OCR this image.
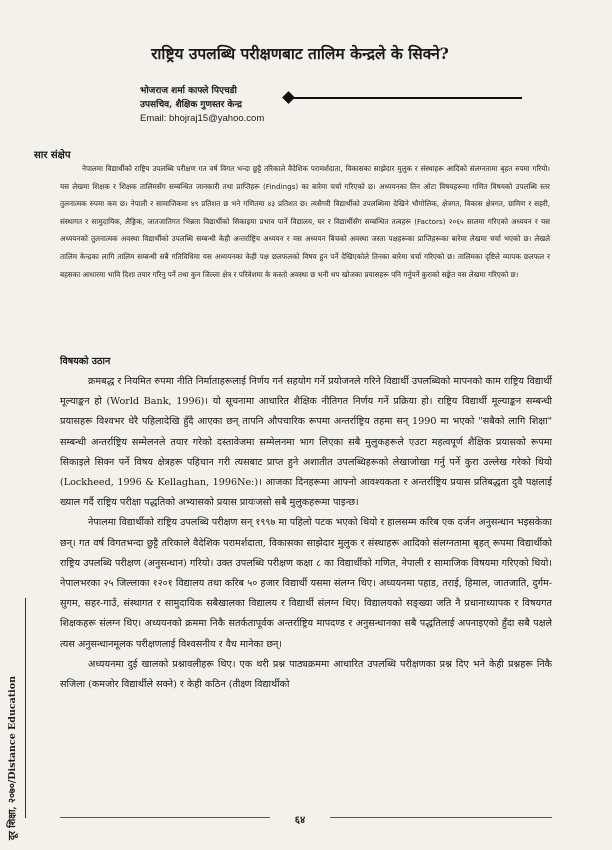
राष्ट्रिय उपलब्धि परीक्षणबाट तालिम केन्द्रले के सिक्ने?
भोजराज शर्मा काफ्ले पिएचडी
उपसचिव, शैक्षिक गुणस्तर केन्द्र
Email: bhojraj15@yahoo.com
सार संक्षेप

नेपालमा विद्यार्थीको राष्ट्रिय उपलब्धि परीक्षण गत वर्ष विगत भन्दा छुट्टै तरिकाले वैदेशिक परामर्शदाता, विकासका साझेदार मुलुक र संस्थाहरू आदिको संलग्नतामा बृहत रुपमा गरियो। यस लेखमा शिक्षक र शिक्षक तालिमसँग सम्बन्धित जानकारी तथा प्राप्तिहरू (Findings) का बारेमा चर्चा गरिएको छ। अध्ययनका तिन ओटा विषयहरूमा गणित विषयको उपलब्धि स्तर तुलनात्मक रुपमा कम छ। नेपाली र सामाजिकमा ४९ प्रतिशत छ भने गणितमा ४३ प्रतिशत छ। त्यसैगरी विद्यार्थीको उपलब्धिमा देखिने भौगोलिक, क्षेत्रगत, विकास क्षेत्रगत, ग्रामिण र सहरी, संस्थागत र सामुदायिक, लैङ्गिक, जातजातिगत भिन्नता विद्यार्थीको सिकाइमा प्रभाव पार्ने विद्यालय, घर र विद्यार्थीसँग सम्बन्धित तत्वहरू (Factors) २०६५ सालमा गरिएको अध्ययन र यस अध्ययनको तुलनात्मक अवस्था विद्यार्थीको उपलब्धि सम्बन्धी केही अन्तर्राष्ट्रिय अध्ययन र यस अध्ययन बिचको अवस्था जस्ता पक्षहरूका प्राप्तिहरूका बारेमा लेखमा चर्चा भएको छ। लेखले तालिम केन्द्रका लागि तालिम सम्बन्धी सबै गतिविधिमा यस अध्ययनका केही पक्ष छलफलको विषय हुन पर्ने देखिएकोले तिनका बारेमा चर्चा गरिएको छ। तालिमका दृष्टिले व्यापक छलफल र बहसका आधारमा भावि दिशा तयार गरिनु पर्ने तथा कुन जिल्ला क्षेत्र र परिवेशमा के कस्तो अवस्था छ भनी थप खोजका प्रयासहरू पनि गर्नुपर्ने कुराको सङ्केत यस लेखमा गरिएको छ।

विषयको उठान

क्रमबद्ध र नियमित रुपमा नीति निर्माताहरूलाई निर्णय गर्न सहयोग गर्ने प्रयोजनले गरिने विद्यार्थी उपलब्धिको मापनको काम राष्ट्रिय विद्यार्थी मूल्याङ्कन हो (World Bank, 1996)। यो सूचनामा आधारित शैक्षिक नीतिगत निर्णय गर्ने प्रक्रिया हो। राष्ट्रिय विद्यार्थी मूल्याङ्कन सम्बन्धी प्रयासहरू विश्वभर धेरै पहिलादेखि हुँदै आएका छन् तापनि औपचारिक रूपमा अन्तर्राष्ट्रिय तहमा सन् 1990 मा भएको "सबैको लागि शिक्षा" सम्बन्धी अन्तर्राष्ट्रिय सम्मेलनले तयार गरेको दस्तावेजमा सम्मेलनमा भाग लिएका सबै मुलुकहरूले एउटा महत्वपूर्ण शैक्षिक प्रयासको रूपमा सिकाइले सिक्न पर्ने विषय क्षेत्रहरू पहिचान गरी त्यसबाट प्राप्त हुने अशातीत उपलब्धिहरूको लेखाजोखा गर्नु पर्ने कुरा उल्लेख गरेको थियो (Lockheed, 1996 & Kellaghan, 1996Ne:)। आजका दिनहरूमा आफ्नो आवश्यकता र अन्तर्राष्ट्रिय प्रयास प्रतिबद्धता दुवै पक्षलाई ख्याल गर्दै राष्ट्रिय परीक्षा पद्धतिको अभ्यासको प्रयास प्रायःजसो सबै मुलुकहरूमा पाइन्छ।

नेपालमा विद्यार्थीको राष्ट्रिय उपलब्धि परीक्षण सन् १९९७ मा पहिलो पटक भएको थियो र हालसम्म करिब एक दर्जन अनुसन्धान भइसकेका छन्। गत वर्ष विगतभन्दा छुट्टै तरिकाले वैदेशिक परामर्शदाता, विकासका साझेदार मुलुक र संस्थाहरू आदिको संलग्नतामा बृहत् रूपमा विद्यार्थीको राष्ट्रिय उपलब्धि परीक्षण (अनुसन्धान) गरियो। उक्त उपलब्धि परीक्षण कक्षा ८ का विद्यार्थीको गणित, नेपाली र सामाजिक विषयमा गरिएको थियो। नेपालभरका २५ जिल्लाका १२०१ विद्यालय तथा करिब ५० हजार विद्यार्थी यसमा संलग्न थिए। अध्ययनमा पहाड, तराई, हिमाल, जातजाति, दुर्गम-सुगम, सहर-गाउँ, संस्थागत र सामुदायिक सबैखालका विद्यालय र विद्यार्थी संलग्न थिए। विद्यालयको सङ्ख्या जति नै प्रधानाध्यापक र विषयगत शिक्षकहरू संलग्न थिए। अध्ययनको क्रममा निकै सतर्कतापूर्वक अन्तर्राष्ट्रिय मापदण्ड र अनुसन्धानका सबै पद्धतिलाई अपनाइएको हुँदा सबै पक्षले त्यस अनुसन्धानमूलक परीक्षणलाई विश्वसनीय र वैध मानेका छन्।

अध्ययनमा दुई खालको प्रश्नावलीहरू थिए। एक थरी प्रश्न पाठ्यक्रममा आधारित उपलब्धि परीक्षणका प्रश्न दिए भने केही प्रश्नहरू निकै सजिला (कमजोर विद्यार्थीले सक्ने) र केही कठिन (तीक्ष्ण विद्यार्थीको

दूर शिक्षा, २०७०/Distance Education	६४
